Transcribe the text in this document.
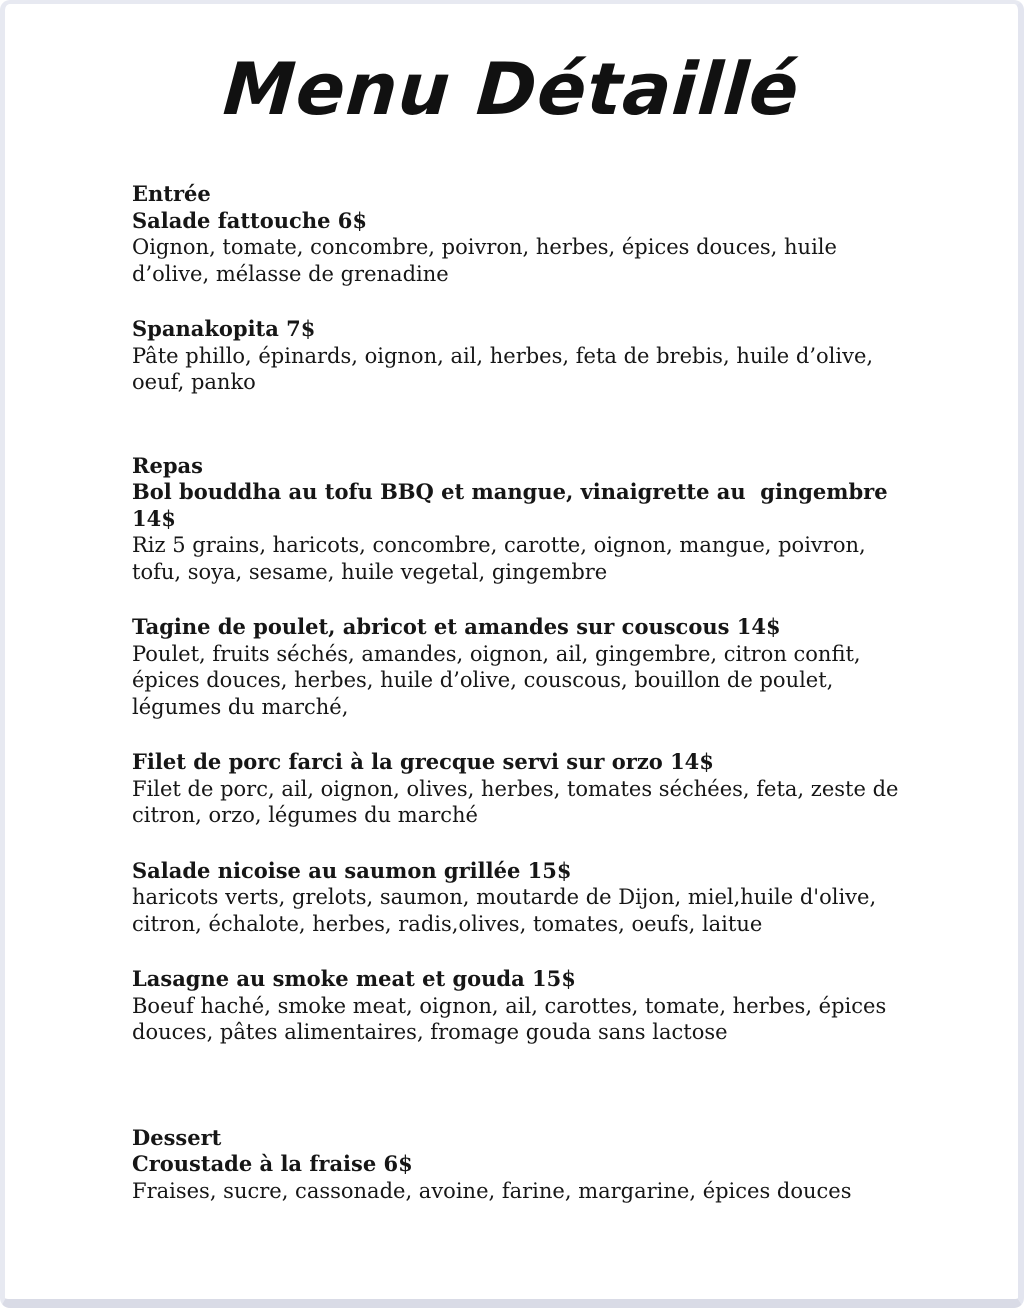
Menu Détaillé
Entrée
Salade fattouche 6$
Oignon, tomate, concombre, poivron, herbes, épices douces, huile d’olive, mélasse de grenadine
Spanakopita 7$
Pâte phillo, épinards, oignon, ail, herbes, feta de brebis, huile d’olive, oeuf, panko
Repas
Bol bouddha au tofu BBQ et mangue, vinaigrette au  gingembre 14$
Riz 5 grains, haricots, concombre, carotte, oignon, mangue, poivron, tofu, soya, sesame, huile vegetal, gingembre
Tagine de poulet, abricot et amandes sur couscous 14$
Poulet, fruits séchés, amandes, oignon, ail, gingembre, citron confit, épices douces, herbes, huile d’olive, couscous, bouillon de poulet, légumes du marché,
Filet de porc farci à la grecque servi sur orzo 14$
Filet de porc, ail, oignon, olives, herbes, tomates séchées, feta, zeste de citron, orzo, légumes du marché
Salade nicoise au saumon grillée 15$
haricots verts, grelots, saumon, moutarde de Dijon, miel,huile d'olive, citron, échalote, herbes, radis,olives, tomates, oeufs, laitue
Lasagne au smoke meat et gouda 15$
Boeuf haché, smoke meat, oignon, ail, carottes, tomate, herbes, épices douces, pâtes alimentaires, fromage gouda sans lactose
Dessert
Croustade à la fraise 6$
Fraises, sucre, cassonade, avoine, farine, margarine, épices douces
